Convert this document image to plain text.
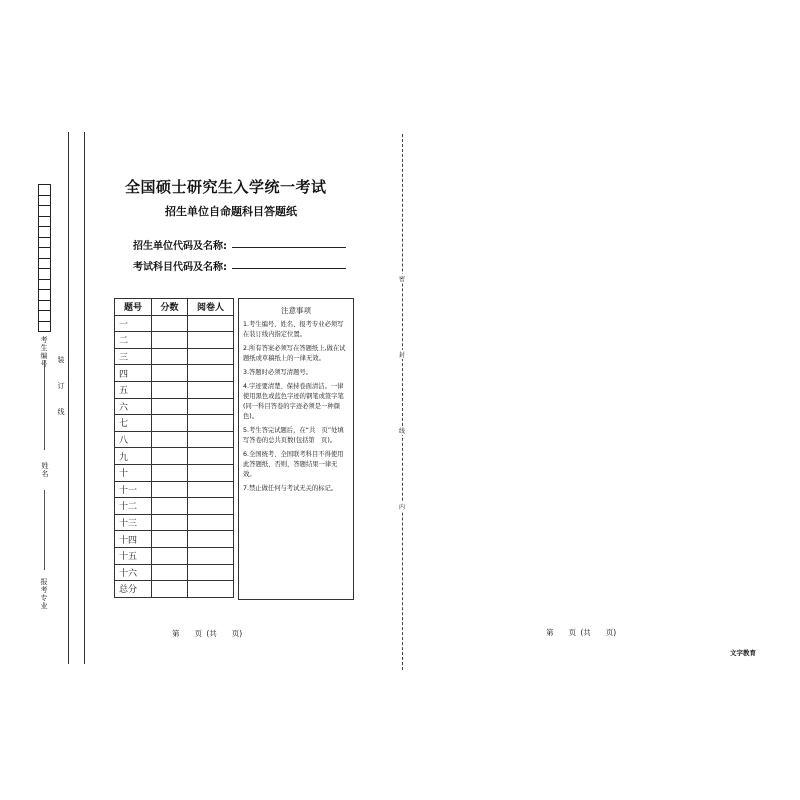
考生编号
姓名
报考专业
装
订
线
全国硕士研究生入学统一考试
招生单位自命题科目答题纸
招生单位代码及名称:
考试科目代码及名称:
题号	分数	阅卷人
一		
二		
三		
四		
五		
六		
七		
八		
九		
十		
十一		
十二		
十三		
十四		
十五		
十六		
总分		
注意事项
1.考生编号、姓名、报考专业必须写在装订线内指定位置。
2.所有答案必须写在答题纸上,做在试题纸或草稿纸上的一律无效。
3.答题时必须写清题号。
4.字迹要清楚、保持卷面清洁。一律使用黑色或蓝色字迹的钢笔或签字笔(同一科目答卷的字迹必须是一种颜色)。
5.考生答完试题后，在“共　页”处填写答卷的总共页数(包括第　页)。
6.全国统考、全国联考科目不得使用此答题纸，否则，答题结果一律无效。
7.禁止做任何与考试无关的标记。
第　　页 (共　　页)	第　　页 (共　　页)
文字教育
密
封
线
内
